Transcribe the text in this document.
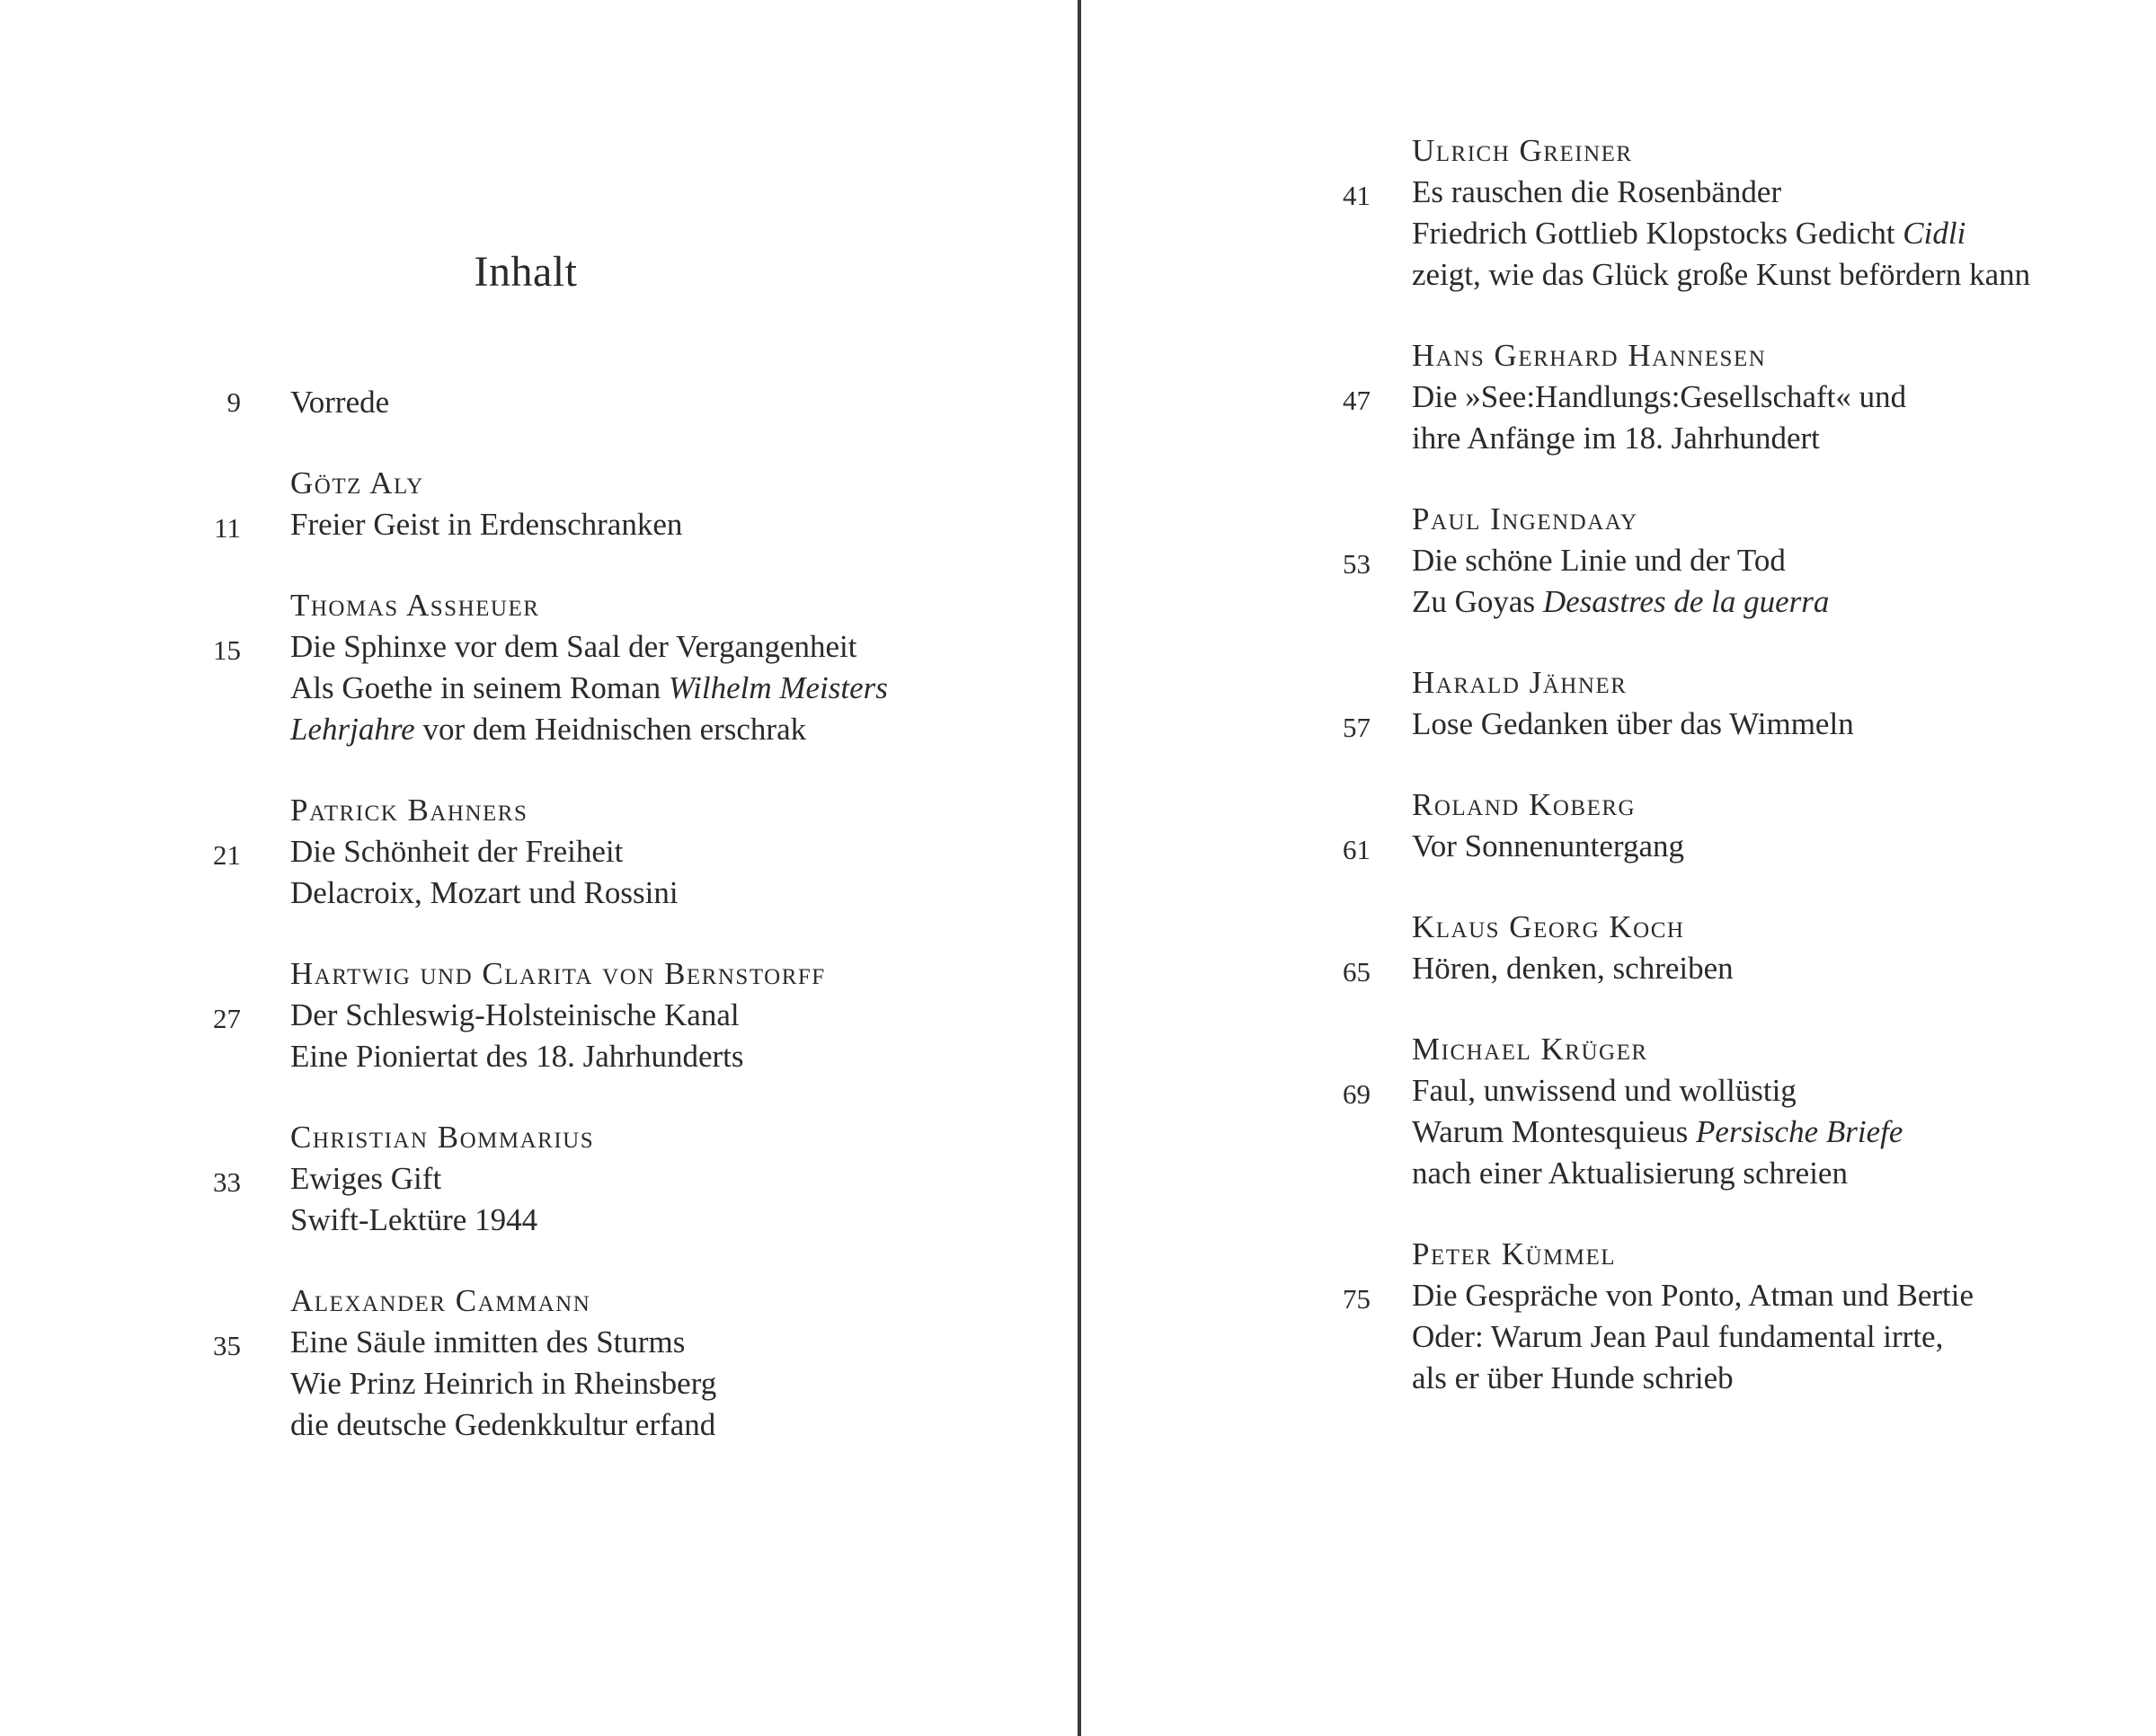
Inhalt
9 Vorrede
11
Götz Aly
Freier Geist in Erdenschranken
15
Thomas Assheuer
Die Sphinxe vor dem Saal der Vergangenheit
Als Goethe in seinem Roman Wilhelm Meisters
Lehrjahre vor dem Heidnischen erschrak
21
Patrick Bahners
Die Schönheit der Freiheit
Delacroix, Mozart und Rossini
27
Hartwig und Clarita von Bernstorff
Der Schleswig-Holsteinische Kanal
Eine Pioniertat des 18. Jahrhunderts
33
Christian Bommarius
Ewiges Gift
Swift-Lektüre 1944
35
Alexander Cammann
Eine Säule inmitten des Sturms
Wie Prinz Heinrich in Rheinsberg
die deutsche Gedenkkultur erfand
41
Ulrich Greiner
Es rauschen die Rosenbänder
Friedrich Gottlieb Klopstocks Gedicht Cidli
zeigt, wie das Glück große Kunst befördern kann
47
Hans Gerhard Hannesen
Die »See:Handlungs:Gesellschaft« und
ihre Anfänge im 18. Jahrhundert
53
Paul Ingendaay
Die schöne Linie und der Tod
Zu Goyas Desastres de la guerra
57
Harald Jähner
Lose Gedanken über das Wimmeln
61
Roland Koberg
Vor Sonnenuntergang
65
Klaus Georg Koch
Hören, denken, schreiben
69
Michael Krüger
Faul, unwissend und wollüstig
Warum Montesquieus Persische Briefe
nach einer Aktualisierung schreien
75
Peter Kümmel
Die Gespräche von Ponto, Atman und Bertie
Oder: Warum Jean Paul fundamental irrte,
als er über Hunde schrieb
